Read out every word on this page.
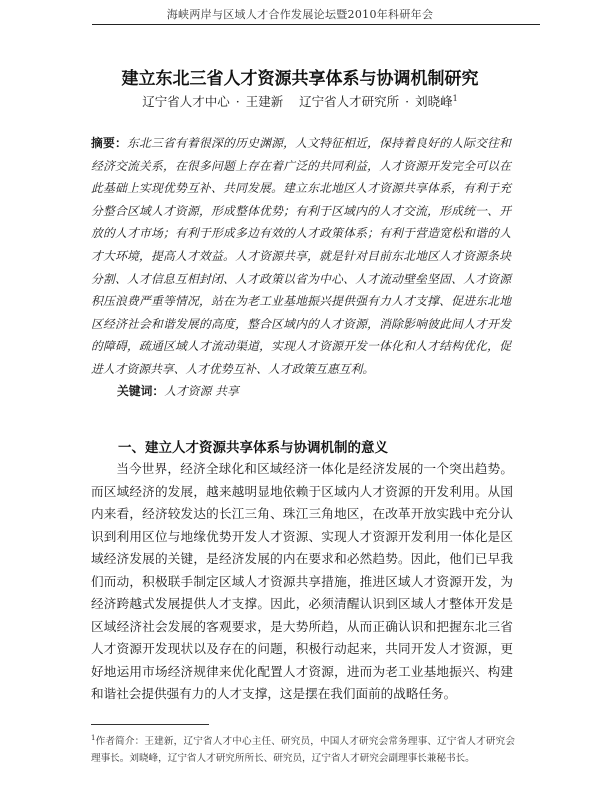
海峡两岸与区域人才合作发展论坛暨2010年科研年会
建立东北三省人才资源共享体系与协调机制研究
辽宁省人才中心 · 王建新 辽宁省人才研究所 · 刘晓峰$^1$
摘要：东北三省有着很深的历史渊源，人文特征相近，保持着良好的人际交往和经济交流关系，在很多问题上存在着广泛的共同利益，人才资源开发完全可以在此基础上实现优势互补、共同发展。建立东北地区人才资源共享体系，有利于充分整合区域人才资源，形成整体优势；有利于区域内的人才交流，形成统一、开放的人才市场；有利于形成多边有效的人才政策体系；有利于营造宽松和谐的人才大环境，提高人才效益。人才资源共享，就是针对目前东北地区人才资源条块分割、人才信息互相封闭、人才政策以省为中心、人才流动壁垒坚固、人才资源积压浪费严重等情况，站在为老工业基地振兴提供强有力人才支撑、促进东北地区经济社会和谐发展的高度，整合区域内的人才资源，消除影响彼此间人才开发的障碍，疏通区域人才流动渠道，实现人才资源开发一体化和人才结构优化，促进人才资源共享、人才优势互补、人才政策互惠互利。
关键词：人才资源 共享
一、建立人才资源共享体系与协调机制的意义
当今世界，经济全球化和区域经济一体化是经济发展的一个突出趋势。而区域经济的发展，越来越明显地依赖于区域内人才资源的开发利用。从国内来看，经济较发达的长江三角、珠江三角地区，在改革开放实践中充分认识到利用区位与地缘优势开发人才资源、实现人才资源开发利用一体化是区域经济发展的关键，是经济发展的内在要求和必然趋势。因此，他们已早我们而动，积极联手制定区域人才资源共享措施，推进区域人才资源开发，为经济跨越式发展提供人才支撑。因此，必须清醒认识到区域人才整体开发是区域经济社会发展的客观要求，是大势所趋，从而正确认识和把握东北三省人才资源开发现状以及存在的问题，积极行动起来，共同开发人才资源，更好地运用市场经济规律来优化配置人才资源，进而为老工业基地振兴、构建和谐社会提供强有力的人才支撑，这是摆在我们面前的战略任务。
$^1$作者简介：王建新，辽宁省人才中心主任、研究员，中国人才研究会常务理事、辽宁省人才研究会理事长。刘晓峰，辽宁省人才研究所所长、研究员，辽宁省人才研究会副理事长兼秘书长。
